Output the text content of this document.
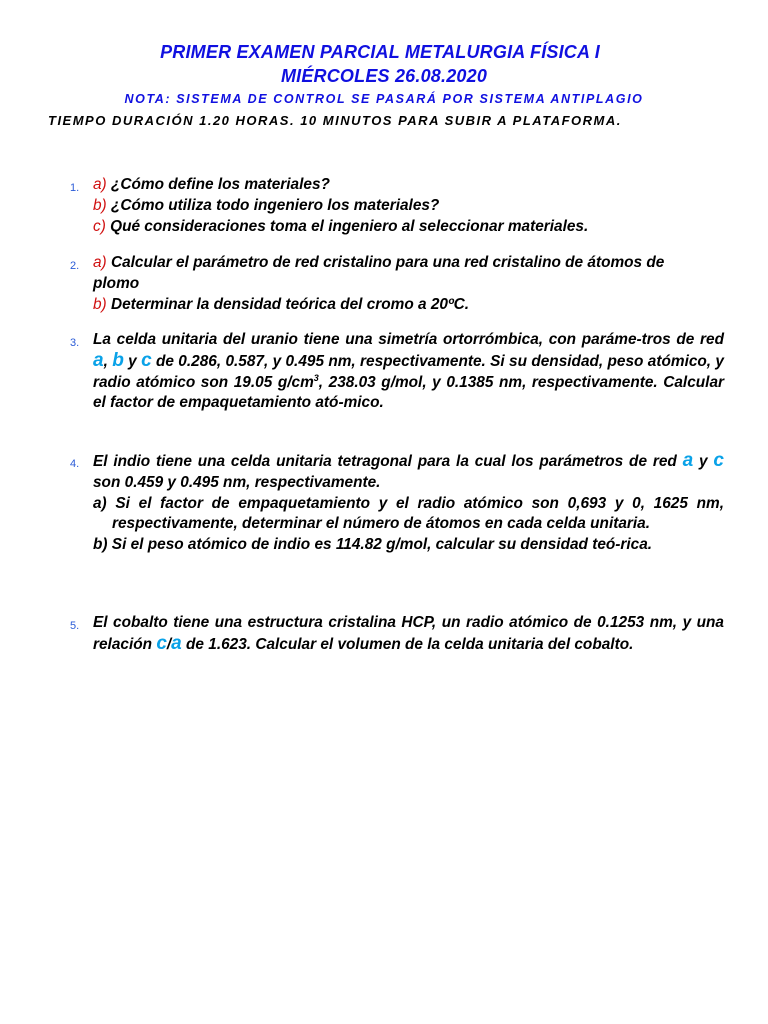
PRIMER EXAMEN PARCIAL METALURGIA FÍSICA I
MIÉRCOLES 26.08.2020
NOTA: SISTEMA DE CONTROL SE PASARÁ POR SISTEMA ANTIPLAGIO
TIEMPO DURACIÓN 1.20 HORAS. 10 MINUTOS PARA SUBIR A PLATAFORMA.
1. a) ¿Cómo define los materiales?
b) ¿Cómo utiliza todo ingeniero los materiales?
c) Qué consideraciones toma el ingeniero al seleccionar materiales.
2. a) Calcular el parámetro de red cristalino para una red cristalino de átomos de plomo
b) Determinar la densidad teórica del cromo a 20ºC.
3. La celda unitaria del uranio tiene una simetría ortorrómbica, con paráme-tros de red a, b y c de 0.286, 0.587, y 0.495 nm, respectivamente. Si su densidad, peso atómico, y radio atómico son 19.05 $g/cm^3$, 238.03 g/mol, y 0.1385 nm, respectivamente. Calcular el factor de empaquetamiento ató-mico.
4. El indio tiene una celda unitaria tetragonal para la cual los parámetros de red a y c son 0.459 y 0.495 nm, respectivamente.
a) Si el factor de empaquetamiento y el radio atómico son 0,693 y 0, 1625 nm, respectivamente, determinar el número de átomos en cada celda unitaria.
b) Si el peso atómico de indio es 114.82 g/mol, calcular su densidad teó-rica.
5. El cobalto tiene una estructura cristalina HCP, un radio atómico de 0.1253 nm, y una relación c/a de 1.623. Calcular el volumen de la celda unitaria del cobalto.
